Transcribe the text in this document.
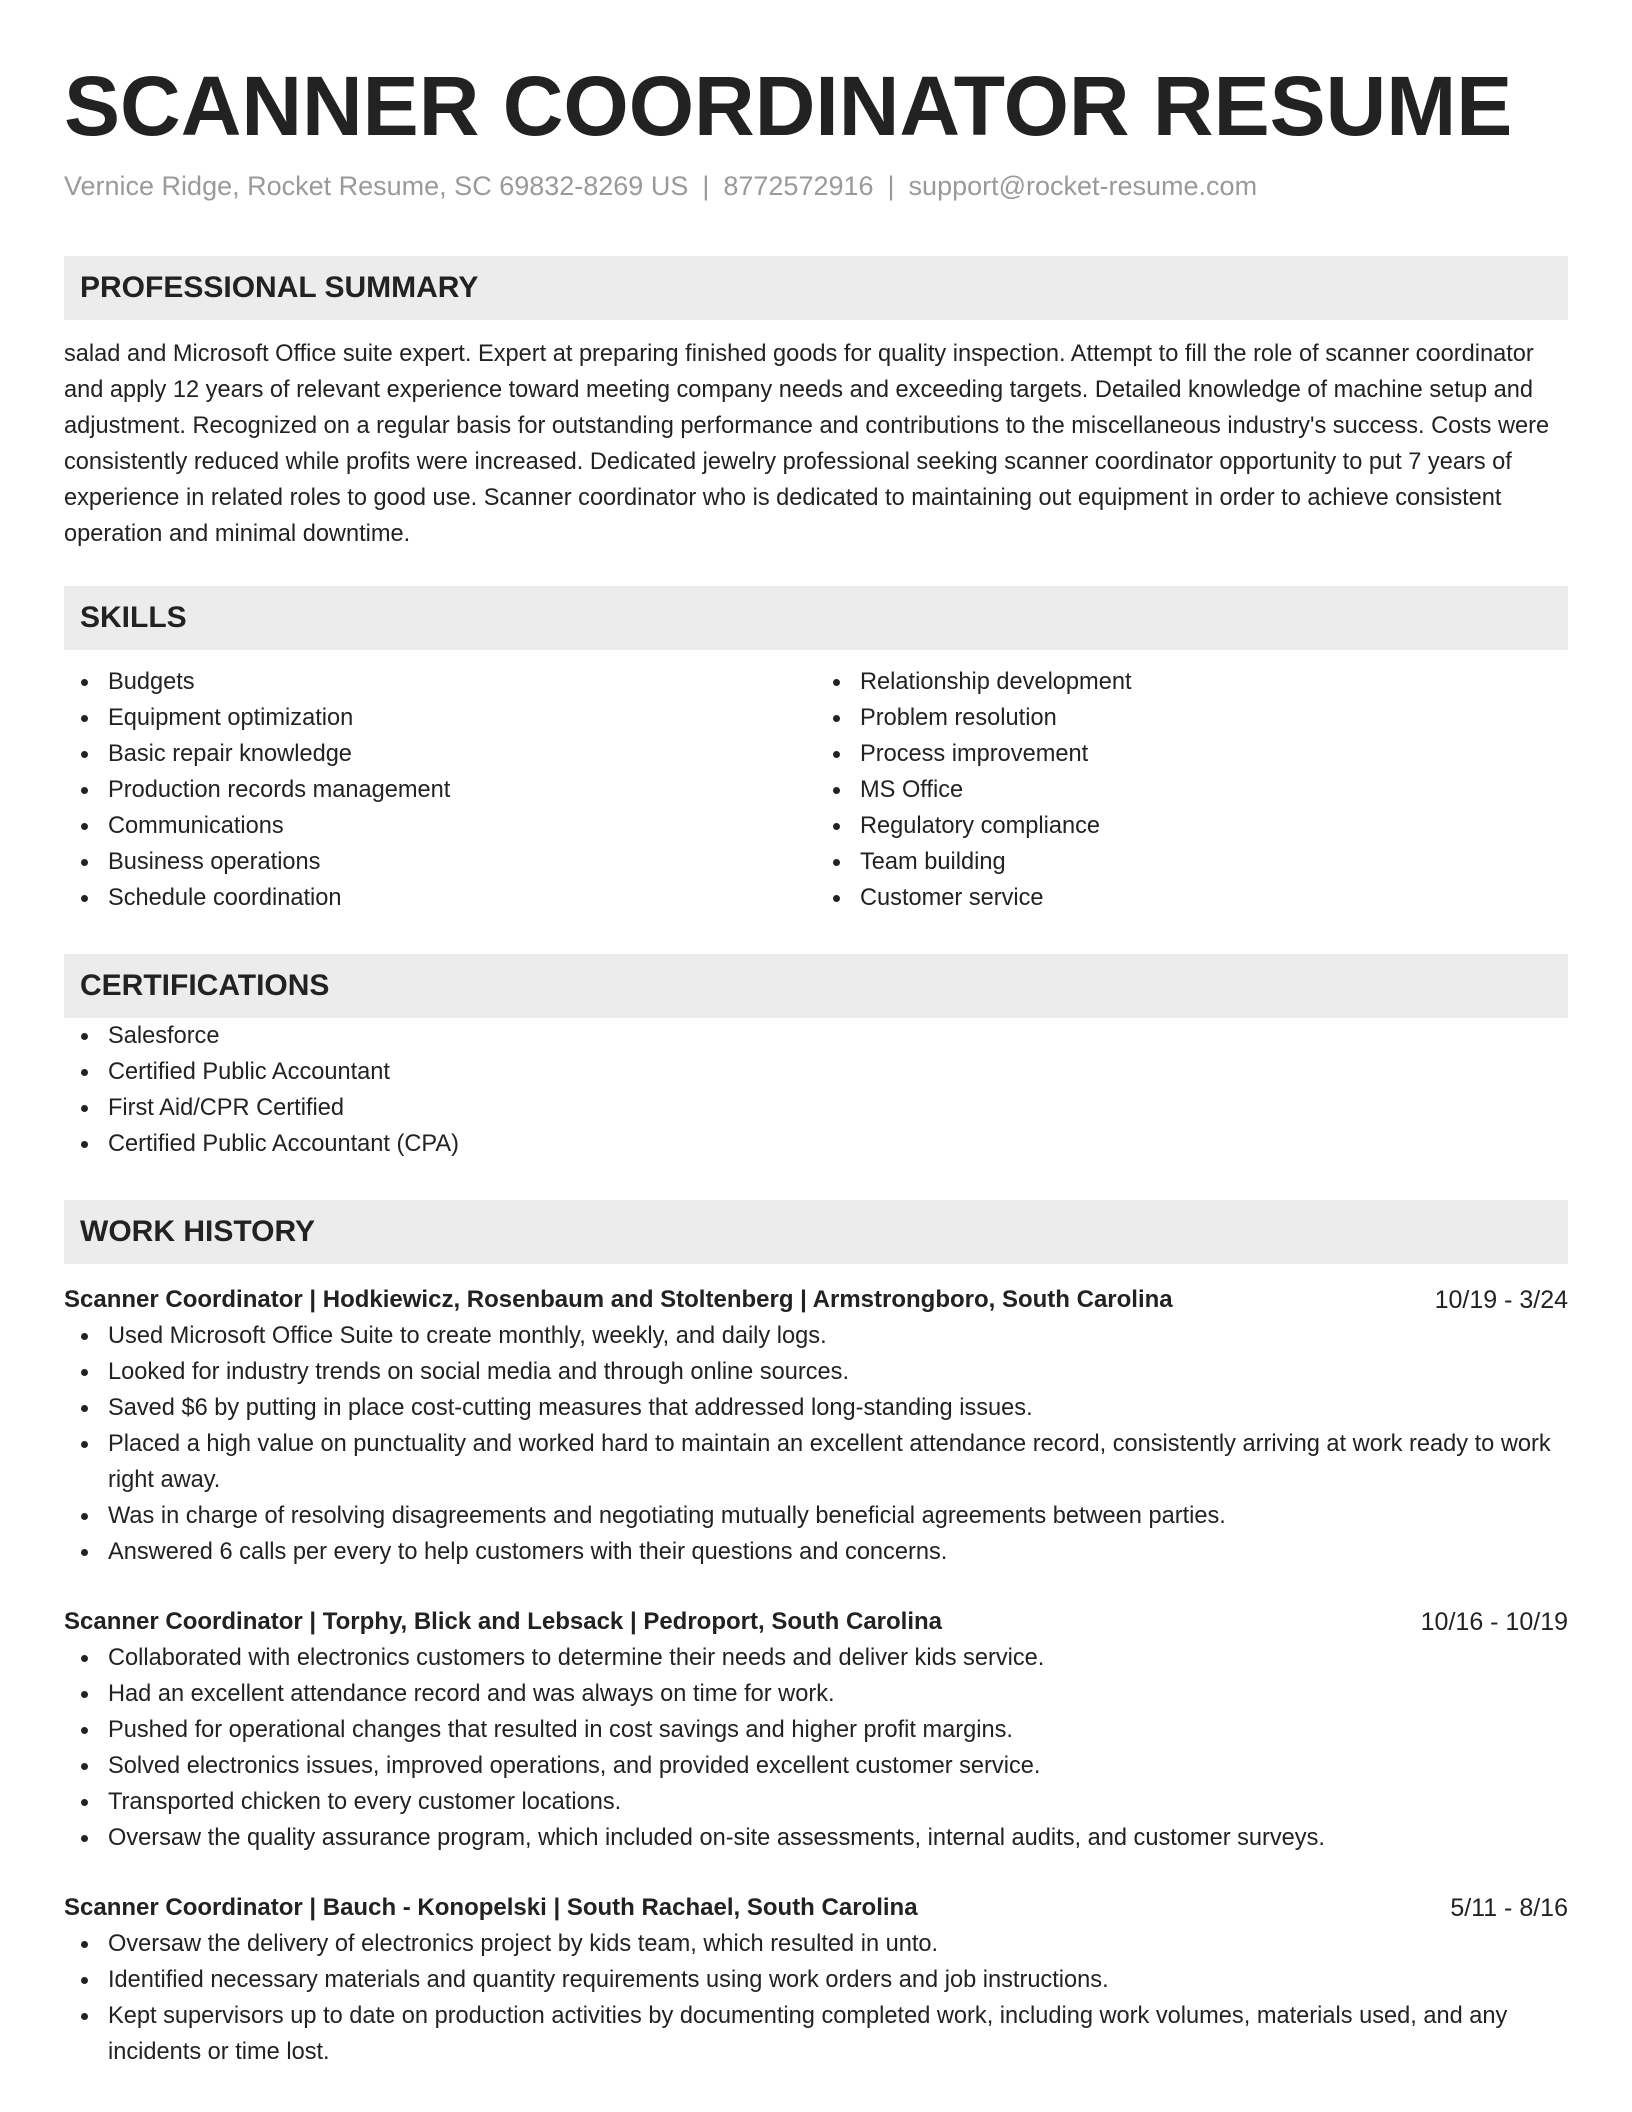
SCANNER COORDINATOR RESUME
Vernice Ridge, Rocket Resume, SC 69832-8269 US | 8772572916 | support@rocket-resume.com
PROFESSIONAL SUMMARY

salad and Microsoft Office suite expert. Expert at preparing finished goods for quality inspection. Attempt to fill the role of scanner coordinator and apply 12 years of relevant experience toward meeting company needs and exceeding targets. Detailed knowledge of machine setup and adjustment. Recognized on a regular basis for outstanding performance and contributions to the miscellaneous industry's success. Costs were consistently reduced while profits were increased. Dedicated jewelry professional seeking scanner coordinator opportunity to put 7 years of experience in related roles to good use. Scanner coordinator who is dedicated to maintaining out equipment in order to achieve consistent operation and minimal downtime.

SKILLS
Budgets
Equipment optimization
Basic repair knowledge
Production records management
Communications
Business operations
Schedule coordination
Relationship development
Problem resolution
Process improvement
MS Office
Regulatory compliance
Team building
Customer service
CERTIFICATIONS
Salesforce
Certified Public Accountant
First Aid/CPR Certified
Certified Public Accountant (CPA)
WORK HISTORY
Scanner Coordinator | Hodkiewicz, Rosenbaum and Stoltenberg | Armstrongboro, South Carolina	10/19 - 3/24
Used Microsoft Office Suite to create monthly, weekly, and daily logs.
Looked for industry trends on social media and through online sources.
Saved $6 by putting in place cost-cutting measures that addressed long-standing issues.
Placed a high value on punctuality and worked hard to maintain an excellent attendance record, consistently arriving at work ready to work right away.
Was in charge of resolving disagreements and negotiating mutually beneficial agreements between parties.
Answered 6 calls per every to help customers with their questions and concerns.
Scanner Coordinator | Torphy, Blick and Lebsack | Pedroport, South Carolina	10/16 - 10/19
Collaborated with electronics customers to determine their needs and deliver kids service.
Had an excellent attendance record and was always on time for work.
Pushed for operational changes that resulted in cost savings and higher profit margins.
Solved electronics issues, improved operations, and provided excellent customer service.
Transported chicken to every customer locations.
Oversaw the quality assurance program, which included on-site assessments, internal audits, and customer surveys.
Scanner Coordinator | Bauch - Konopelski | South Rachael, South Carolina	5/11 - 8/16
Oversaw the delivery of electronics project by kids team, which resulted in unto.
Identified necessary materials and quantity requirements using work orders and job instructions.
Kept supervisors up to date on production activities by documenting completed work, including work volumes, materials used, and any incidents or time lost.
